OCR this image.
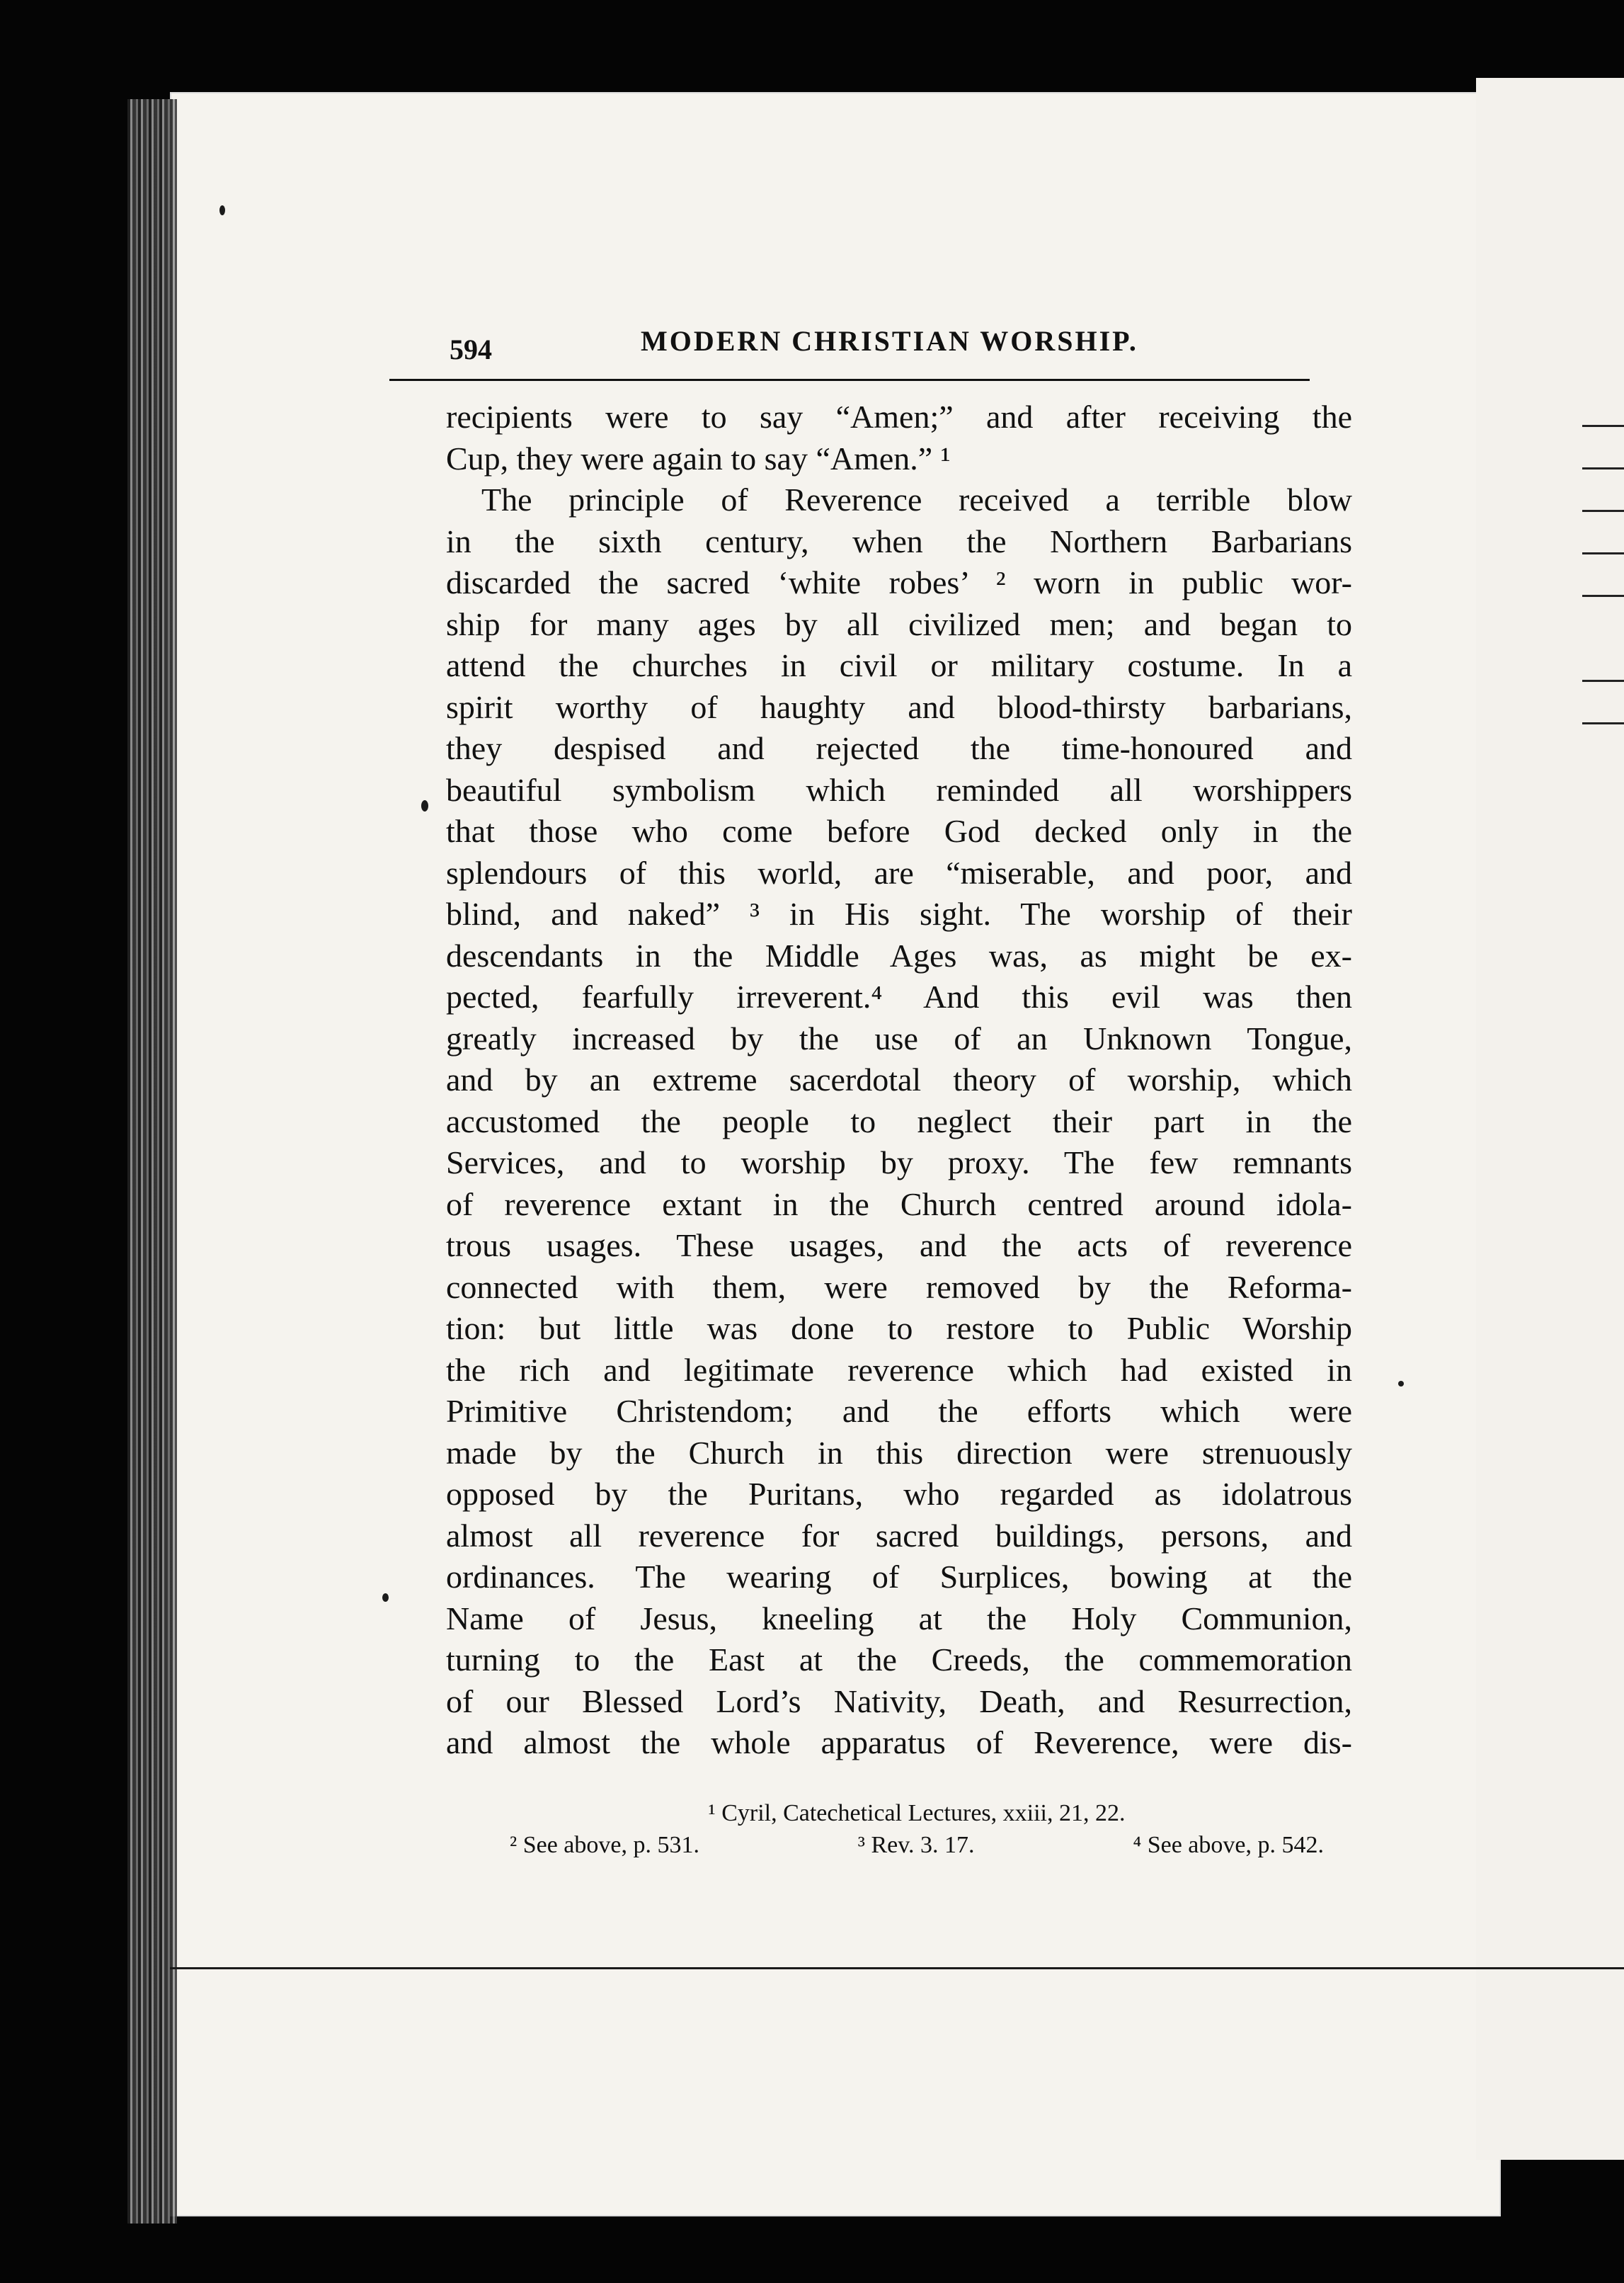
594	MODERN CHRISTIAN WORSHIP.
recipients were to say “Amen;” and after receiving the
Cup, they were again to say “Amen.” ¹
The principle of Reverence received a terrible blow
in the sixth century, when the Northern Barbarians
discarded the sacred ‘white robes’ ² worn in public wor-
ship for many ages by all civilized men; and began to
attend the churches in civil or military costume. In a
spirit worthy of haughty and blood-thirsty barbarians,
they despised and rejected the time-honoured and
beautiful symbolism which reminded all worshippers
that those who come before God decked only in the
splendours of this world, are “miserable, and poor, and
blind, and naked” ³ in His sight. The worship of their
descendants in the Middle Ages was, as might be ex-
pected, fearfully irreverent.⁴ And this evil was then
greatly increased by the use of an Unknown Tongue,
and by an extreme sacerdotal theory of worship, which
accustomed the people to neglect their part in the
Services, and to worship by proxy. The few remnants
of reverence extant in the Church centred around idola-
trous usages. These usages, and the acts of reverence
connected with them, were removed by the Reforma-
tion: but little was done to restore to Public Worship
the rich and legitimate reverence which had existed in
Primitive Christendom; and the efforts which were
made by the Church in this direction were strenuously
opposed by the Puritans, who regarded as idolatrous
almost all reverence for sacred buildings, persons, and
ordinances. The wearing of Surplices, bowing at the
Name of Jesus, kneeling at the Holy Communion,
turning to the East at the Creeds, the commemoration
of our Blessed Lord’s Nativity, Death, and Resurrection,
and almost the whole apparatus of Reverence, were dis-
¹ Cyril, Catechetical Lectures, xxiii, 21, 22.
² See above, p. 531.	³ Rev. 3. 17.	⁴ See above, p. 542.
